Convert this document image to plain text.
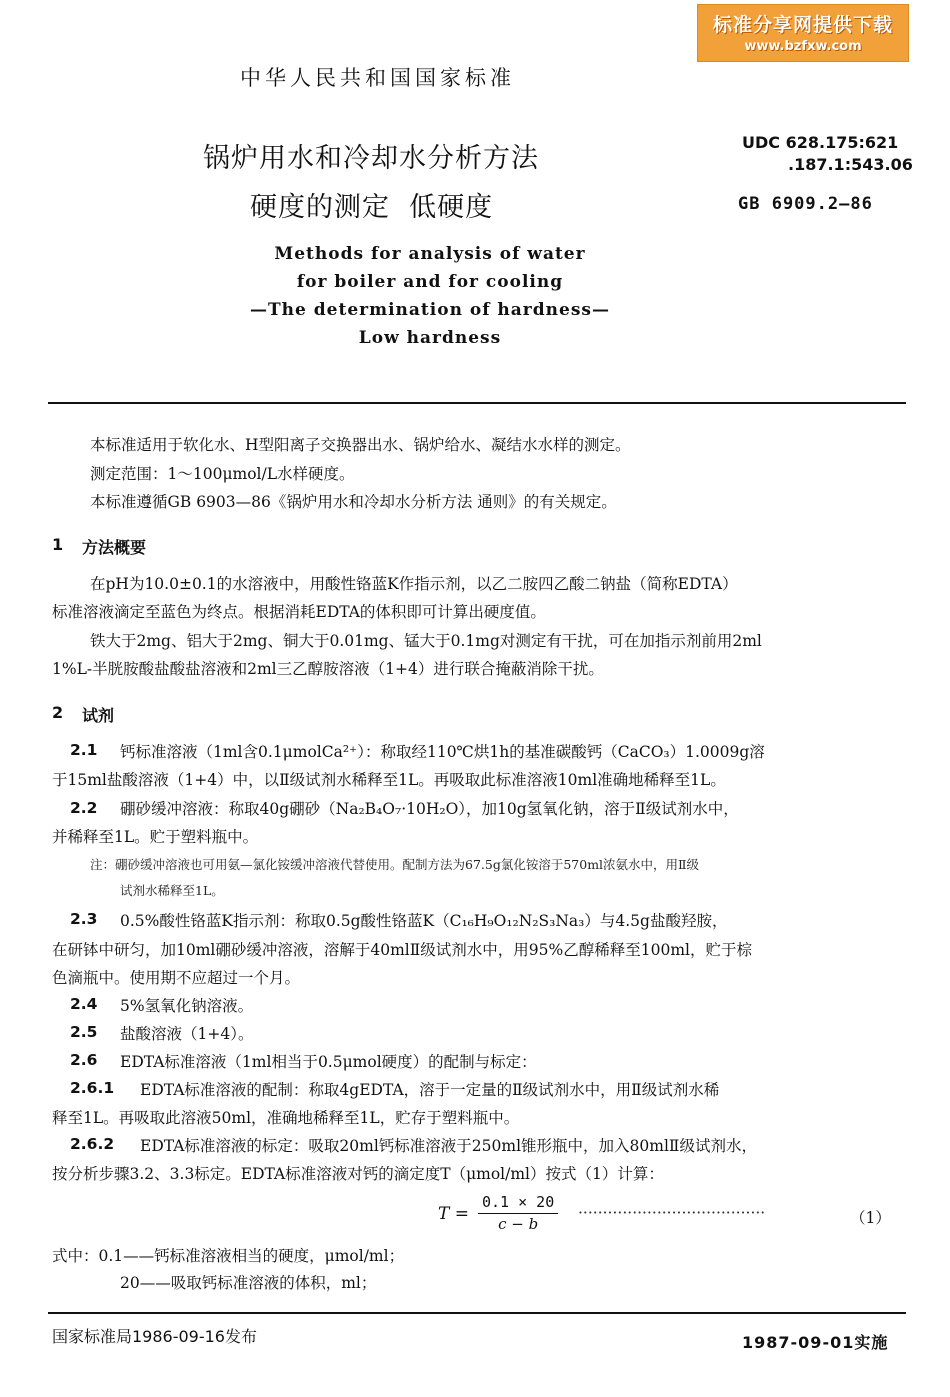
标准分享网提供下载
www.bzfxw.com
中华人民共和国国家标准
锅炉用水和冷却水分析方法
硬度的测定  低硬度
UDC 628.175:621
.187.1:543.06
GB 6909.2—86
Methods for analysis of water
for boiler and for cooling
—The determination of hardness—
Low hardness
本标准适用于软化水、H型阳离子交换器出水、锅炉给水、凝结水水样的测定。
测定范围：1～100μmol/L水样硬度。
本标准遵循GB 6903—86《锅炉用水和冷却水分析方法 通则》的有关规定。
1 方法概要
在pH为10.0±0.1的水溶液中，用酸性铬蓝K作指示剂，以乙二胺四乙酸二钠盐（简称EDTA）
标准溶液滴定至蓝色为终点。根据消耗EDTA的体积即可计算出硬度值。
铁大于2mg、铝大于2mg、铜大于0.01mg、锰大于0.1mg对测定有干扰，可在加指示剂前用2ml
1%L-半胱胺酸盐酸盐溶液和2ml三乙醇胺溶液（1+4）进行联合掩蔽消除干扰。
2 试剂
2.1 钙标准溶液（1ml含0.1μmolCa²⁺）：称取经110℃烘1h的基准碳酸钙（CaCO₃）1.0009g溶
于15ml盐酸溶液（1+4）中，以Ⅱ级试剂水稀释至1L。再吸取此标准溶液10ml准确地稀释至1L。
2.2 硼砂缓冲溶液：称取40g硼砂（Na₂B₄O₇·10H₂O），加10g氢氧化钠，溶于Ⅱ级试剂水中，
并稀释至1L。贮于塑料瓶中。
注：硼砂缓冲溶液也可用氨—氯化铵缓冲溶液代替使用。配制方法为67.5g氯化铵溶于570ml浓氨水中，用Ⅱ级
试剂水稀释至1L。
2.3 0.5%酸性铬蓝K指示剂：称取0.5g酸性铬蓝K（C₁₆H₉O₁₂N₂S₃Na₃）与4.5g盐酸羟胺，
在研钵中研匀，加10ml硼砂缓冲溶液，溶解于40mlⅡ级试剂水中，用95%乙醇稀释至100ml，贮于棕
色滴瓶中。使用期不应超过一个月。
2.4 5%氢氧化钠溶液。
2.5 盐酸溶液（1+4）。
2.6 EDTA标准溶液（1ml相当于0.5μmol硬度）的配制与标定：
2.6.1 EDTA标准溶液的配制：称取4gEDTA，溶于一定量的Ⅱ级试剂水中，用Ⅱ级试剂水稀
释至1L。再吸取此溶液50ml，准确地稀释至1L，贮存于塑料瓶中。
2.6.2 EDTA标准溶液的标定：吸取20ml钙标准溶液于250ml锥形瓶中，加入80mlⅡ级试剂水，
按分析步骤3.2、3.3标定。EDTA标准溶液对钙的滴定度T（μmol/ml）按式（1）计算：
$T = \frac{0.1 \times 20}{c - b}$ ······································	（1）
式中：0.1——钙标准溶液相当的硬度，μmol/ml；
20——吸取钙标准溶液的体积，ml；
国家标准局1986-09-16发布	1987-09-01实施
